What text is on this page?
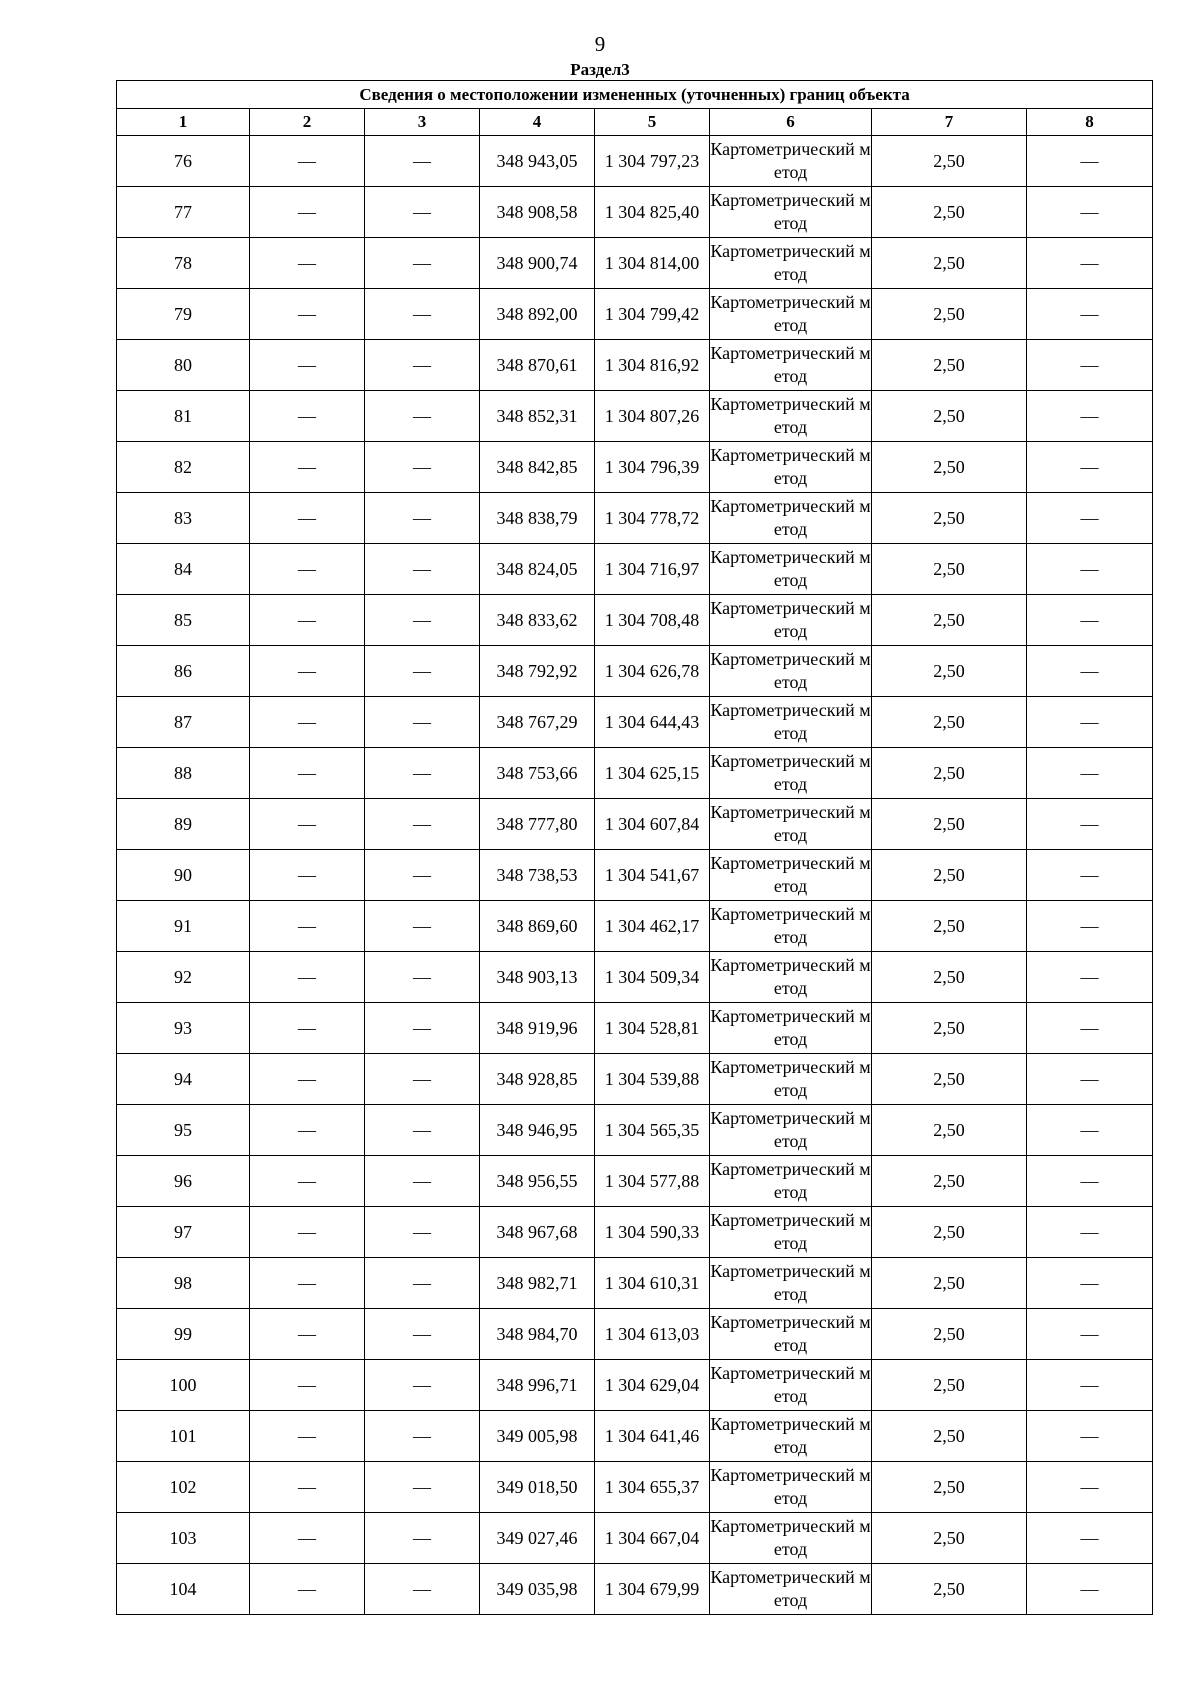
9
Раздел3
Сведения о местоположении измененных (уточненных) границ объекта							
1	2	3	4	5	6	7	8
76	—	—	348 943,05	1 304 797,23	Картометрический метод	2,50	—
77	—	—	348 908,58	1 304 825,40	Картометрический метод	2,50	—
78	—	—	348 900,74	1 304 814,00	Картометрический метод	2,50	—
79	—	—	348 892,00	1 304 799,42	Картометрический метод	2,50	—
80	—	—	348 870,61	1 304 816,92	Картометрический метод	2,50	—
81	—	—	348 852,31	1 304 807,26	Картометрический метод	2,50	—
82	—	—	348 842,85	1 304 796,39	Картометрический метод	2,50	—
83	—	—	348 838,79	1 304 778,72	Картометрический метод	2,50	—
84	—	—	348 824,05	1 304 716,97	Картометрический метод	2,50	—
85	—	—	348 833,62	1 304 708,48	Картометрический метод	2,50	—
86	—	—	348 792,92	1 304 626,78	Картометрический метод	2,50	—
87	—	—	348 767,29	1 304 644,43	Картометрический метод	2,50	—
88	—	—	348 753,66	1 304 625,15	Картометрический метод	2,50	—
89	—	—	348 777,80	1 304 607,84	Картометрический метод	2,50	—
90	—	—	348 738,53	1 304 541,67	Картометрический метод	2,50	—
91	—	—	348 869,60	1 304 462,17	Картометрический метод	2,50	—
92	—	—	348 903,13	1 304 509,34	Картометрический метод	2,50	—
93	—	—	348 919,96	1 304 528,81	Картометрический метод	2,50	—
94	—	—	348 928,85	1 304 539,88	Картометрический метод	2,50	—
95	—	—	348 946,95	1 304 565,35	Картометрический метод	2,50	—
96	—	—	348 956,55	1 304 577,88	Картометрический метод	2,50	—
97	—	—	348 967,68	1 304 590,33	Картометрический метод	2,50	—
98	—	—	348 982,71	1 304 610,31	Картометрический метод	2,50	—
99	—	—	348 984,70	1 304 613,03	Картометрический метод	2,50	—
100	—	—	348 996,71	1 304 629,04	Картометрический метод	2,50	—
101	—	—	349 005,98	1 304 641,46	Картометрический метод	2,50	—
102	—	—	349 018,50	1 304 655,37	Картометрический метод	2,50	—
103	—	—	349 027,46	1 304 667,04	Картометрический метод	2,50	—
104	—	—	349 035,98	1 304 679,99	Картометрический метод	2,50	—
